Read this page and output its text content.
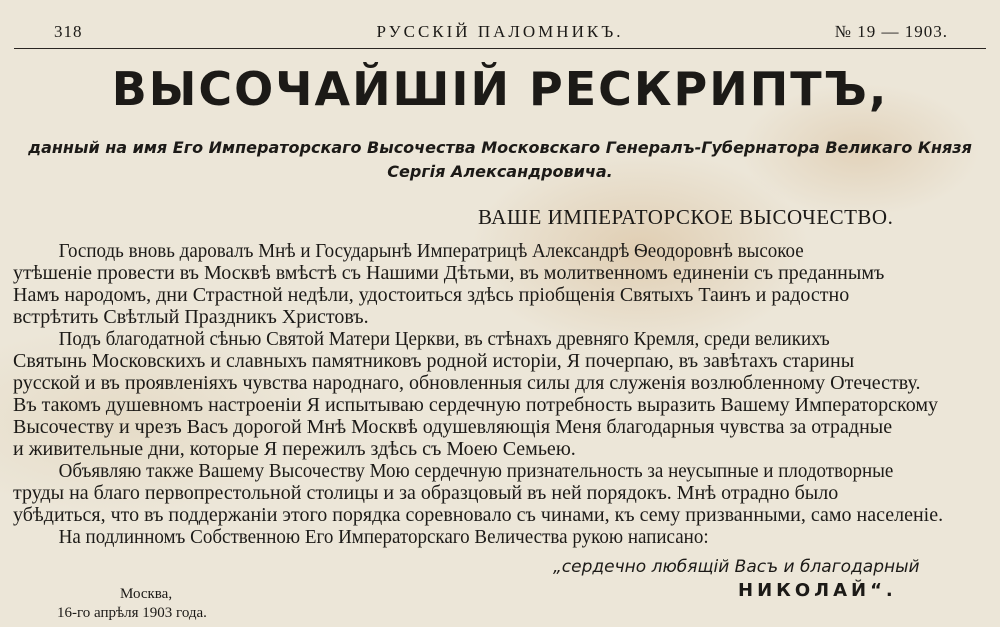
318	РУССКІЙ ПАЛОМНИКЪ.	№ 19 — 1903.
ВЫСОЧАЙШІЙ РЕСКРИПТЪ,
данный на имя Его Императорскаго Высочества Московскаго Генералъ-Губернатора Великаго Князя
Сергія Александровича.
ВАШЕ ИМПЕРАТОРСКОЕ ВЫСОЧЕСТВО.

Господь вновь даровалъ Мнѣ и Государынѣ Императрицѣ Александрѣ Ѳеодоровнѣ высокое
утѣшеніе провести въ Москвѣ вмѣстѣ съ Нашими Дѣтьми, въ молитвенномъ единеніи съ преданнымъ
Намъ народомъ, дни Страстной недѣли, удостоиться здѣсь пріобщенія Святыхъ Таинъ и радостно
встрѣтить Свѣтлый Праздникъ Христовъ.

Подъ благодатной сѣнью Святой Матери Церкви, въ стѣнахъ древняго Кремля, среди великихъ
Святынь Московскихъ и славныхъ памятниковъ родной исторіи, Я почерпаю, въ завѣтахъ старины
русской и въ проявленіяхъ чувства народнаго, обновленныя силы для служенія возлюбленному Отечеству.
Въ такомъ душевномъ настроеніи Я испытываю сердечную потребность выразить Вашему Императорскому
Высочеству и чрезъ Васъ дорогой Мнѣ Москвѣ одушевляющія Меня благодарныя чувства за отрадные
и живительные дни, которые Я пережилъ здѣсь съ Моею Семьею.

Объявляю также Вашему Высочеству Мою сердечную признательность за неусыпные и плодотворные
труды на благо первопрестольной столицы и за образцовый въ ней порядокъ. Мнѣ отрадно было
убѣдиться, что въ поддержаніи этого порядка соревновало съ чинами, къ сему призванными, само населеніе.

На подлинномъ Собственною Его Императорскаго Величества рукою написано:

„сердечно любящій Васъ и благодарный
НИКОЛАЙ“.
Москва,
16-го апрѣля 1903 года.
